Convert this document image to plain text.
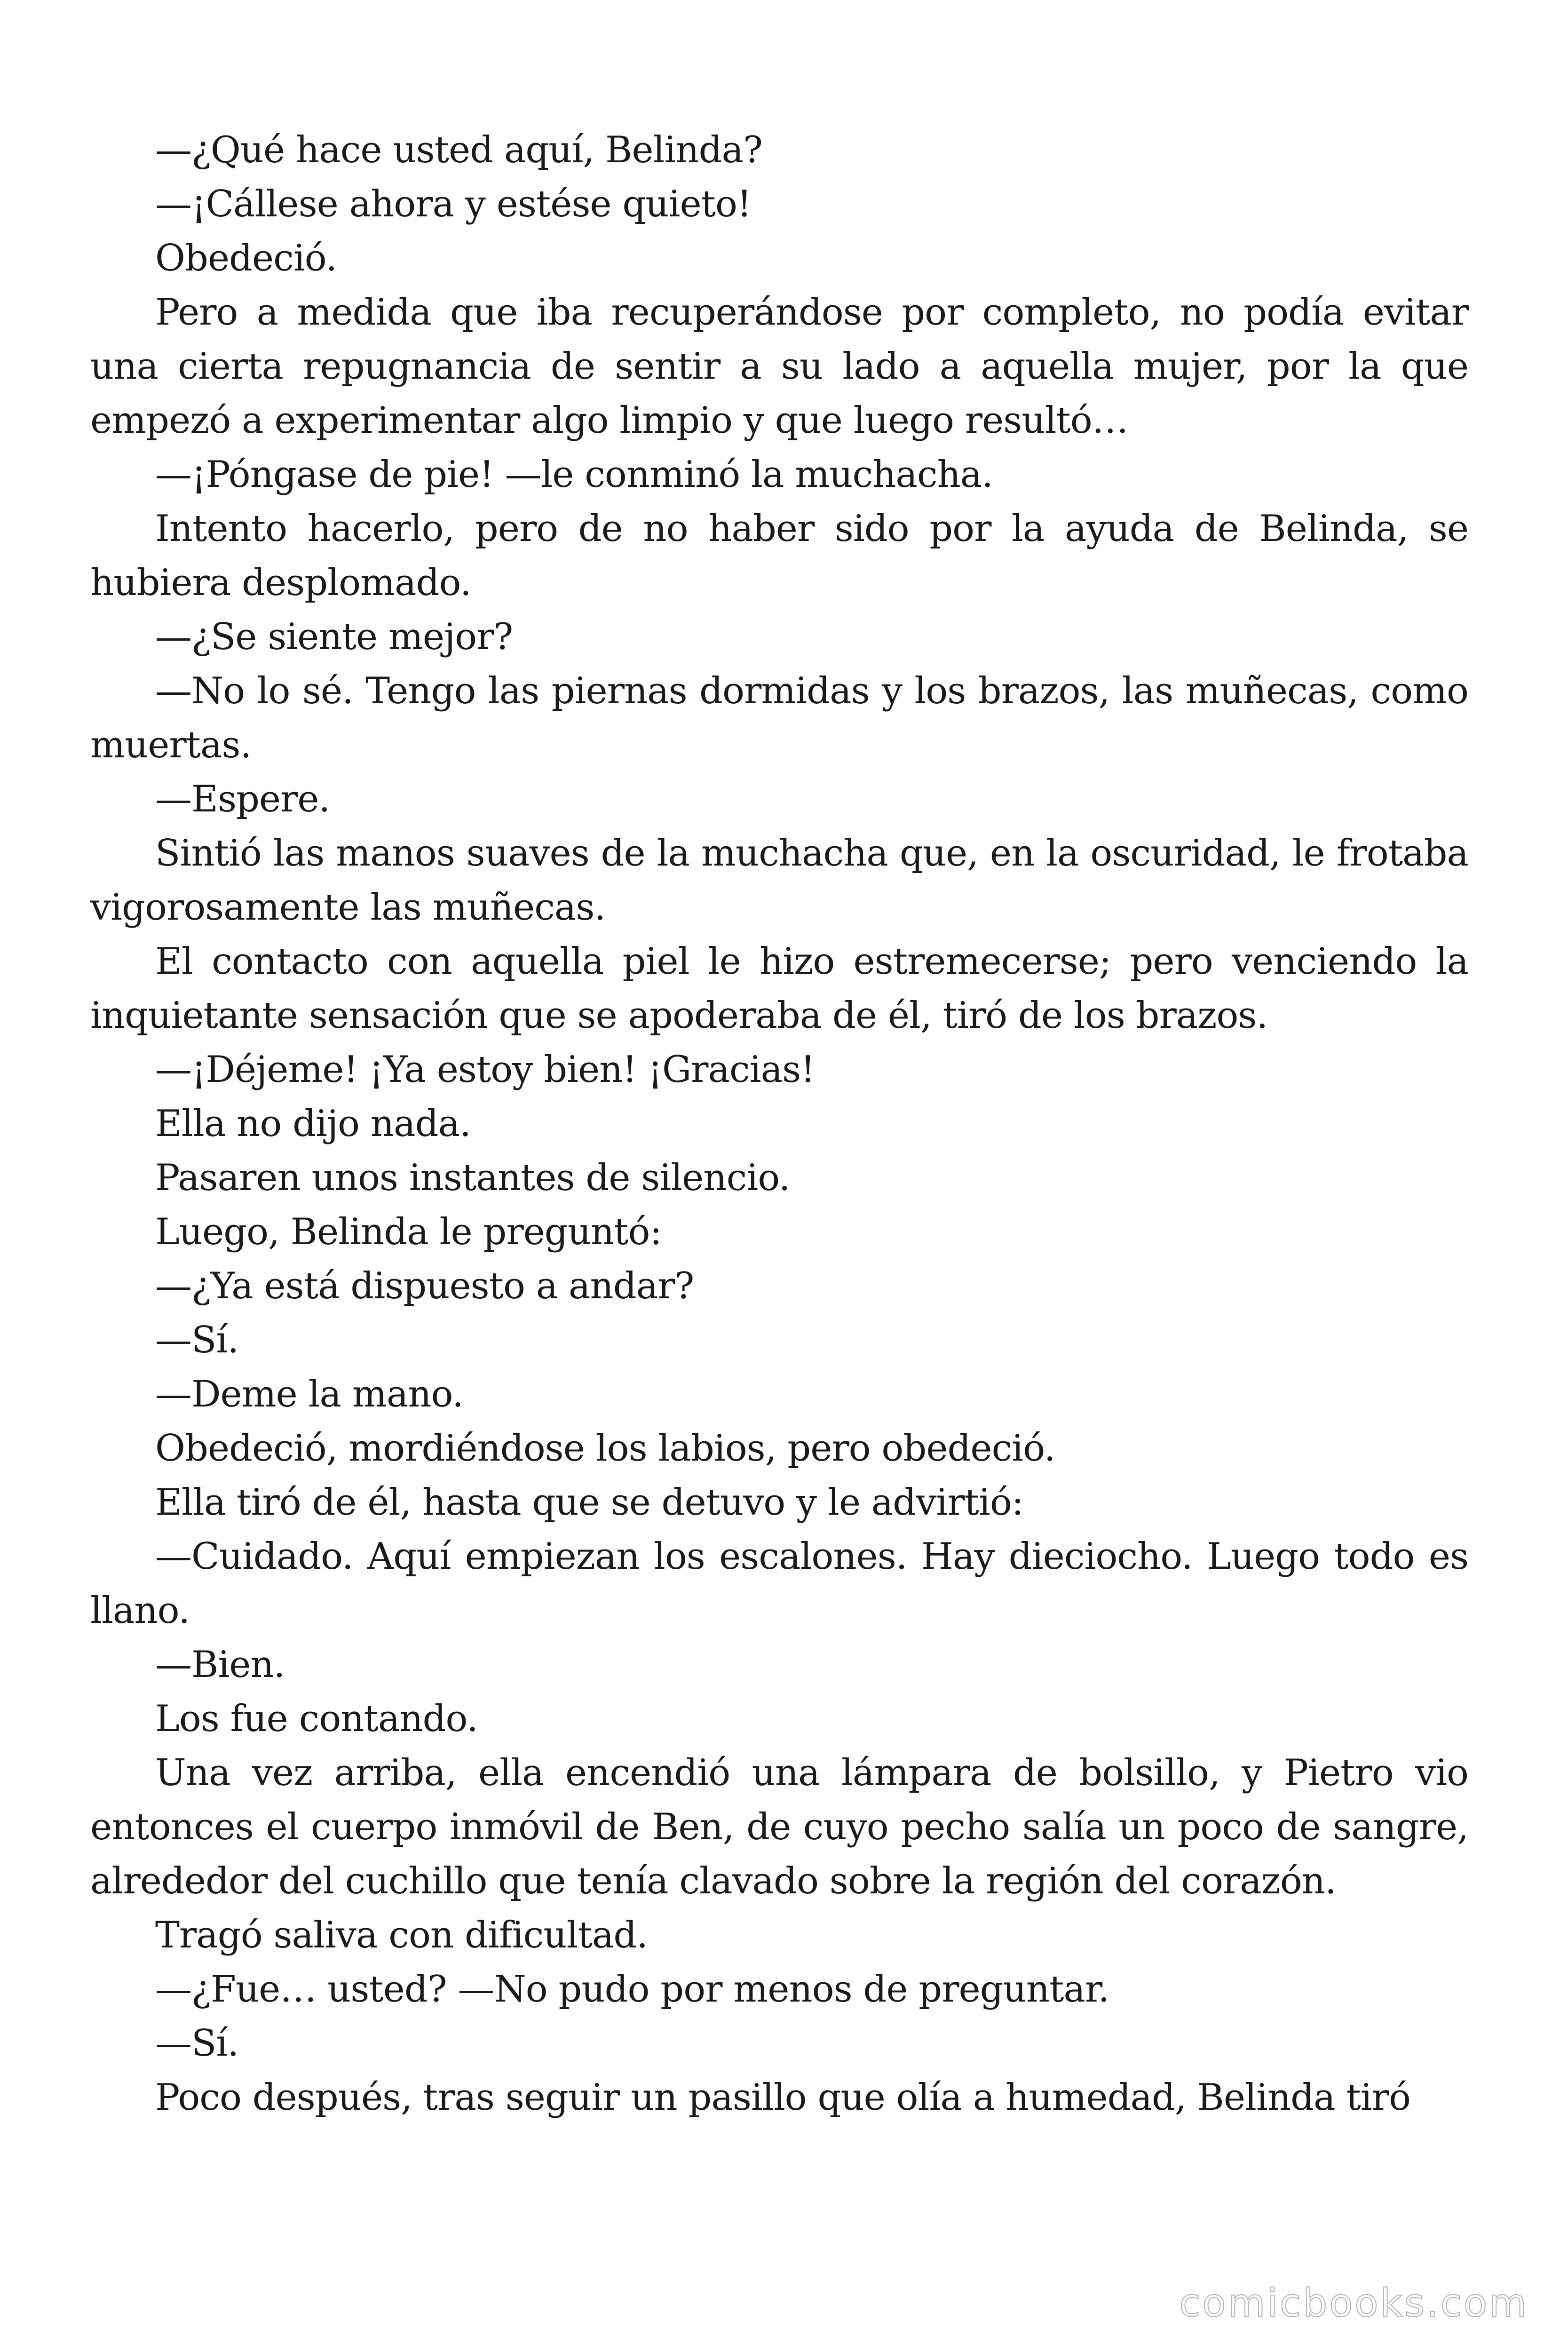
—¿Qué hace usted aquí, Belinda?

—¡Cállese ahora y estése quieto!

Obedeció.

Pero a medida que iba recuperándose por completo, no podía evitar una cierta repugnancia de sentir a su lado a aquella mujer, por la que empezó a experimentar algo limpio y que luego resultó…

—¡Póngase de pie! —le conminó la muchacha.

Intento hacerlo, pero de no haber sido por la ayuda de Belinda, se hubiera desplomado.

—¿Se siente mejor?

—No lo sé. Tengo las piernas dormidas y los brazos, las muñecas, como muertas.

—Espere.

Sintió las manos suaves de la muchacha que, en la oscuridad, le frotaba vigorosamente las muñecas.

El contacto con aquella piel le hizo estremecerse; pero venciendo la inquietante sensación que se apoderaba de él, tiró de los brazos.

—¡Déjeme! ¡Ya estoy bien! ¡Gracias!

Ella no dijo nada.

Pasaren unos instantes de silencio.

Luego, Belinda le preguntó:

—¿Ya está dispuesto a andar?

—Sí.

—Deme la mano.

Obedeció, mordiéndose los labios, pero obedeció.

Ella tiró de él, hasta que se detuvo y le advirtió:

—Cuidado. Aquí empiezan los escalones. Hay dieciocho. Luego todo es llano.

—Bien.

Los fue contando.

Una vez arriba, ella encendió una lámpara de bolsillo, y Pietro vio entonces el cuerpo inmóvil de Ben, de cuyo pecho salía un poco de sangre, alrededor del cuchillo que tenía clavado sobre la región del corazón.

Tragó saliva con dificultad.

—¿Fue… usted? —No pudo por menos de preguntar.

—Sí.

Poco después, tras seguir un pasillo que olía a humedad, Belinda tiró

comicbooks.com
